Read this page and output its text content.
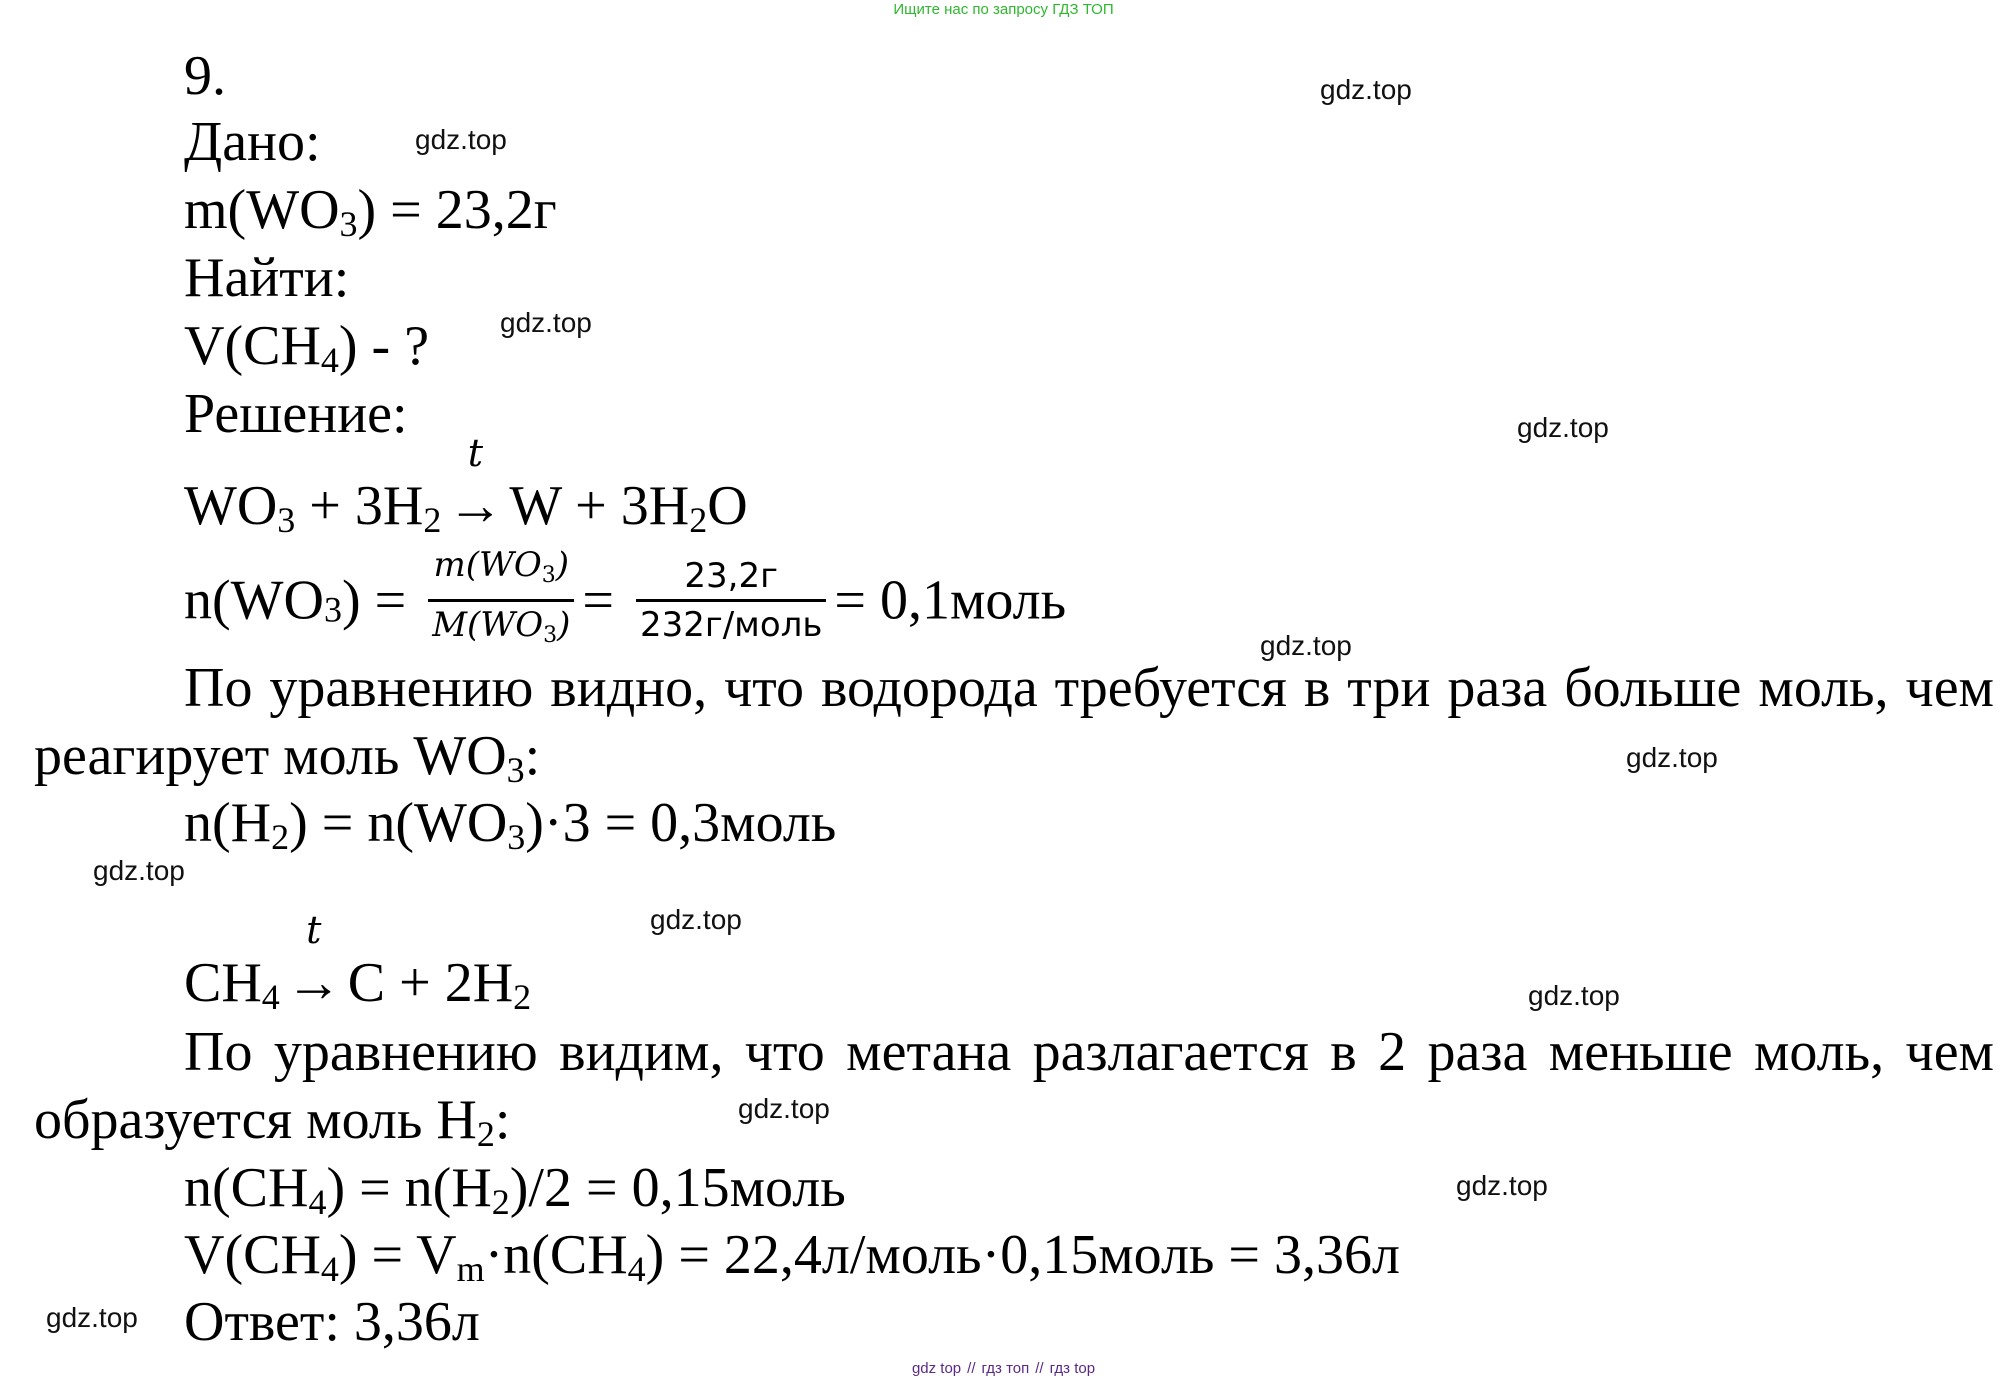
Ищите нас по запросу ГДЗ ТОП
gdz.top
gdz.top
gdz.top
gdz.top
gdz.top
gdz.top
gdz.top
gdz.top
gdz.top
gdz.top
gdz.top
gdz.top
9.
Дано:
$m(WO_3) = 23,2г$
Найти:
$V(CH_4)$ - ?
Решение:
$WO_3 + 3H_2$ →
t
$W + 3H_2O$
$n(WO_3) = \frac{m(WO3)}{M(WO3)} = \frac{23,2г}{\text{232г/моль}}$ = 0,1моль
По уравнению видно, что водорода требуется в три раза больше моль, чем реагирует моль $WO_3$:
$n(H_2) = n(WO_3)\cdot 3$ = 0,3моль
$CH_4$ →
t
$C + 2H_2$
По уравнению видим, что метана разлагается в 2 раза меньше моль, чем образуется моль $H_2$:
$n(CH_4) = n(H_2)/2$ = 0,15моль
$V(CH_4) = V_m\cdot n(CH_4)$ = 22,4л/моль·0,15моль = 3,36л
Ответ: 3,36л
gdz top // гдз топ // гдз top
